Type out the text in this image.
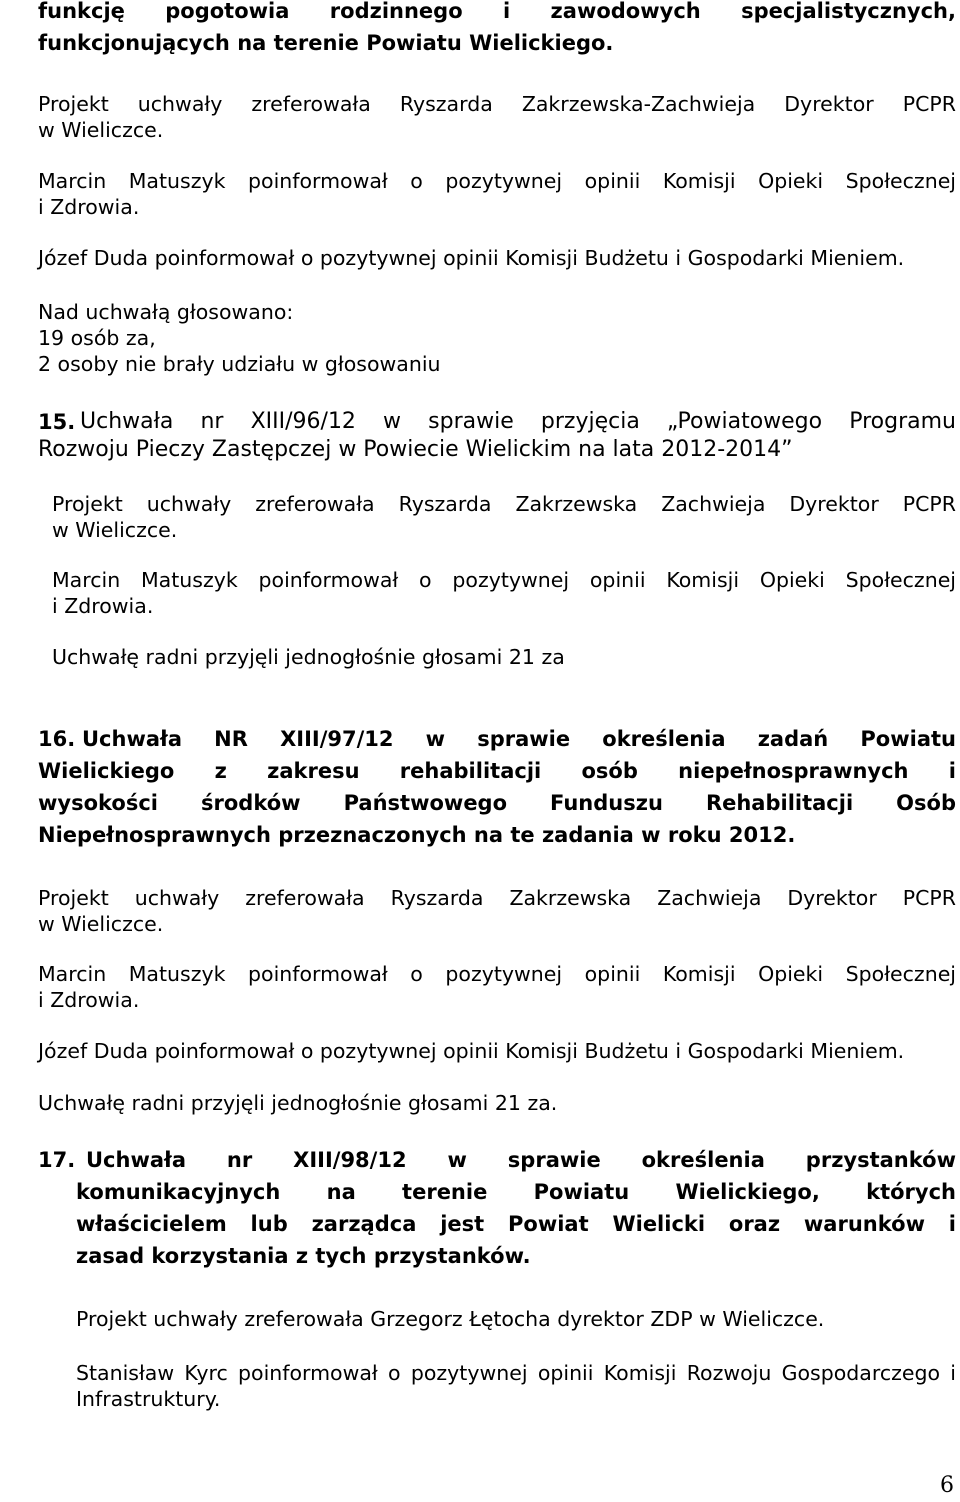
funkcję pogotowia rodzinnego i zawodowych specjalistycznych,
funkcjonujących na terenie Powiatu Wielickiego.
Projekt uchwały zreferowała Ryszarda Zakrzewska-Zachwieja Dyrektor PCPR
w Wieliczce.
Marcin Matuszyk poinformował o pozytywnej opinii Komisji Opieki Społecznej
i Zdrowia.
Józef Duda poinformował o pozytywnej opinii Komisji Budżetu i Gospodarki Mieniem.
Nad uchwałą głosowano:
19 osób za,
2 osoby nie brały udziału w głosowaniu
15. Uchwała nr XIII/96/12 w sprawie przyjęcia „Powiatowego Programu
Rozwoju Pieczy Zastępczej w Powiecie Wielickim na lata 2012-2014”
Projekt uchwały zreferowała Ryszarda Zakrzewska Zachwieja Dyrektor PCPR
w Wieliczce.
Marcin Matuszyk poinformował o pozytywnej opinii Komisji Opieki Społecznej
i Zdrowia.
Uchwałę radni przyjęli jednogłośnie głosami 21 za
16. Uchwała NR XIII/97/12 w sprawie określenia zadań Powiatu
Wielickiego z zakresu rehabilitacji osób niepełnosprawnych i
wysokości środków Państwowego Funduszu Rehabilitacji Osób
Niepełnosprawnych przeznaczonych na te zadania w roku 2012.
Projekt uchwały zreferowała Ryszarda Zakrzewska Zachwieja Dyrektor PCPR
w Wieliczce.
Marcin Matuszyk poinformował o pozytywnej opinii Komisji Opieki Społecznej
i Zdrowia.
Józef Duda poinformował o pozytywnej opinii Komisji Budżetu i Gospodarki Mieniem.
Uchwałę radni przyjęli jednogłośnie głosami 21 za.
17. Uchwała nr XIII/98/12 w sprawie określenia przystanków
komunikacyjnych na terenie Powiatu Wielickiego, których
właścicielem lub zarządca jest Powiat Wielicki oraz warunków i
zasad korzystania z tych przystanków.
Projekt uchwały zreferowała Grzegorz Łętocha dyrektor ZDP w Wieliczce.
Stanisław Kyrc poinformował o pozytywnej opinii Komisji Rozwoju Gospodarczego i
Infrastruktury.
6
